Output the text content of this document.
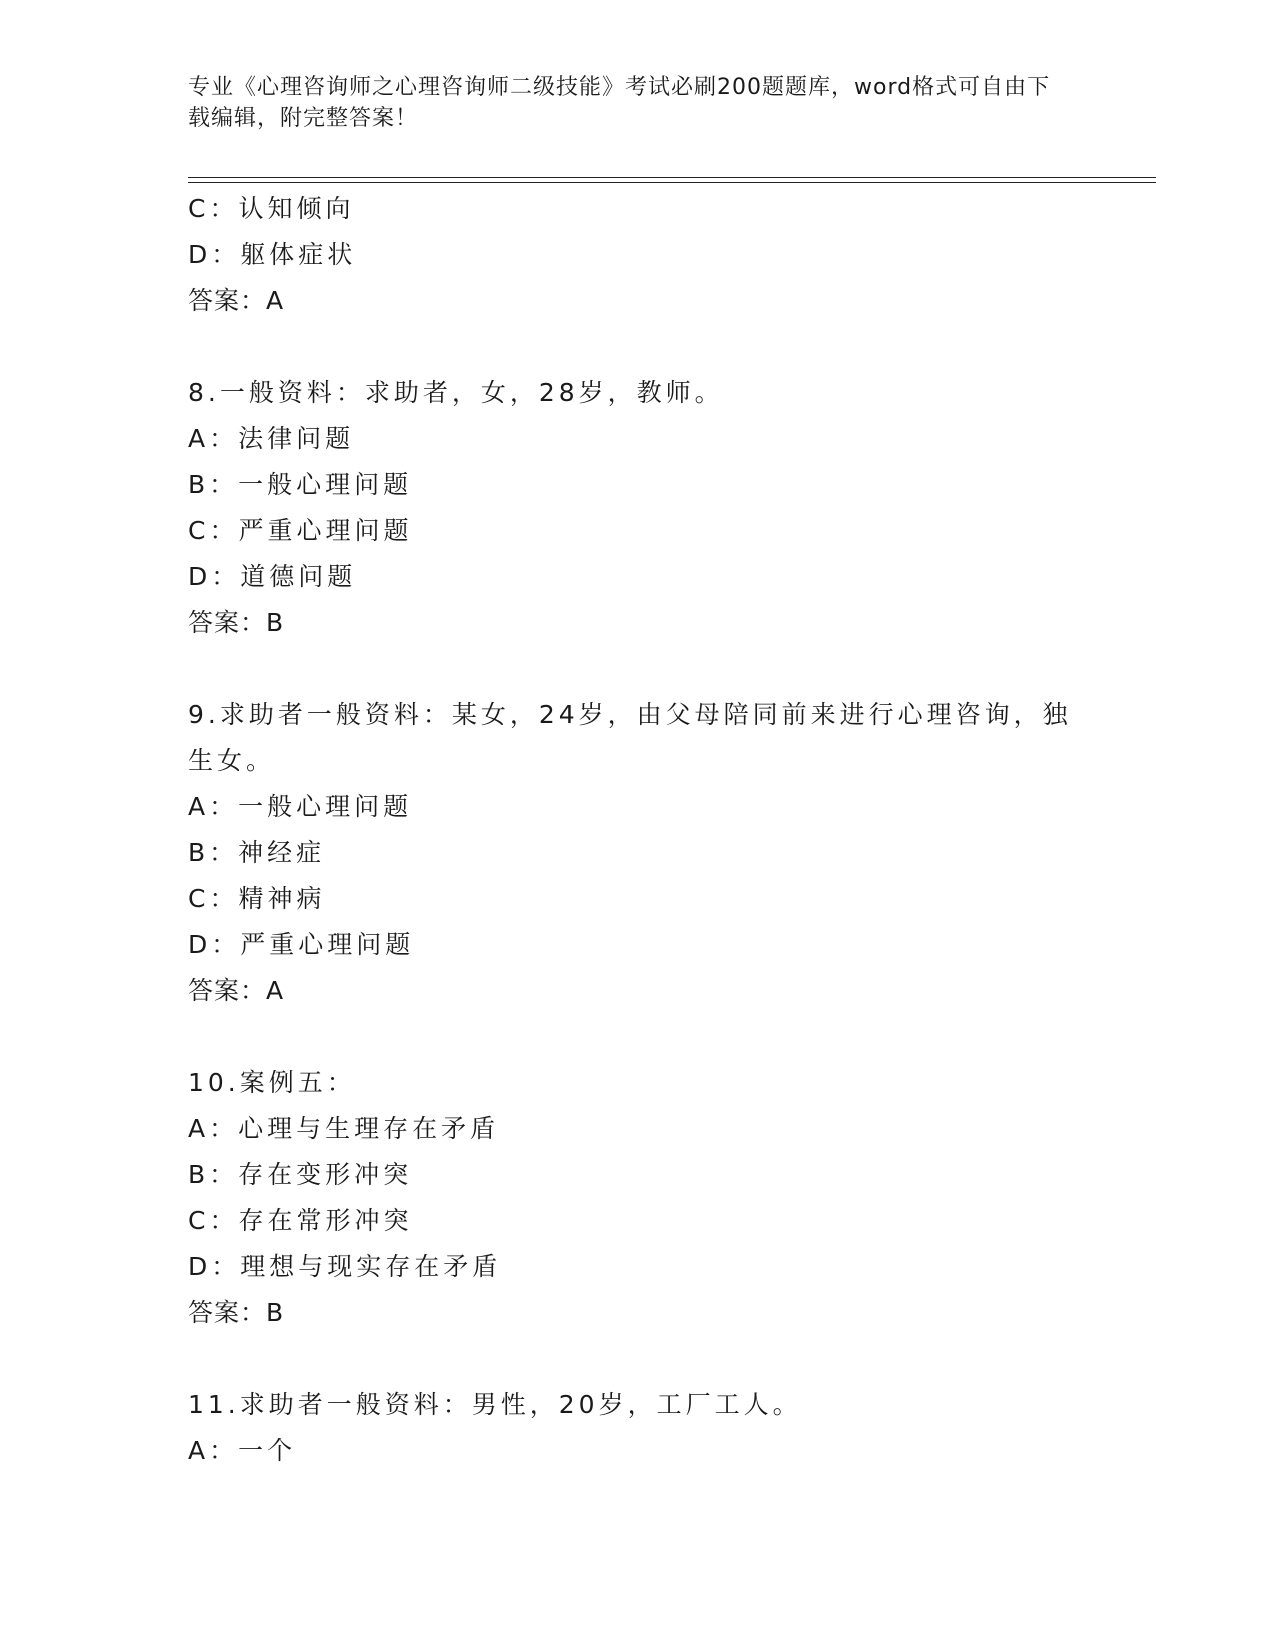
专业《心理咨询师之心理咨询师二级技能》考试必刷200题题库，word格式可自由下载编辑，附完整答案！
C：认知倾向
D：躯体症状
答案：A
8.一般资料：求助者，女，28岁，教师。
A：法律问题
B：一般心理问题
C：严重心理问题
D：道德问题
答案：B
9.求助者一般资料：某女，24岁，由父母陪同前来进行心理咨询，独生女。
A：一般心理问题
B：神经症
C：精神病
D：严重心理问题
答案：A
10.案例五：
A：心理与生理存在矛盾
B：存在变形冲突
C：存在常形冲突
D：理想与现实存在矛盾
答案：B
11.求助者一般资料：男性，20岁，工厂工人。
A：一个
